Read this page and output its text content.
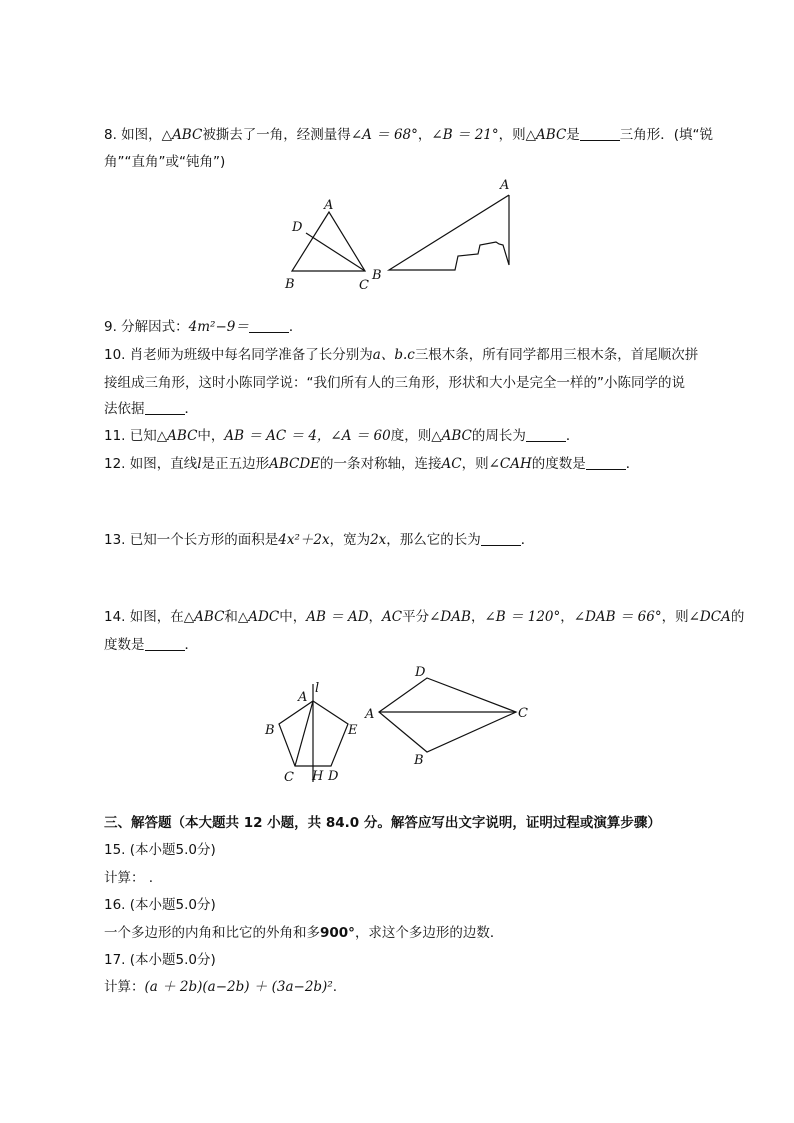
8. 如图，△ABC被撕去了一角，经测量得∠A ＝ 68°，∠B ＝ 21°，则△ABC是	三角形．(填“锐
角”“直角”或“钝角”)
A
D
B	C
A
B
9. 分解因式：4m²−9＝	．
10. 肖老师为班级中每名同学准备了长分别为a、b.c三根木条，所有同学都用三根木条，首尾顺次拼
接组成三角形，这时小陈同学说：“我们所有人的三角形，形状和大小是完全一样的”小陈同学的说
法依据	．
11. 已知△ABC中，AB ＝ AC ＝ 4，∠A ＝ 60度，则△ABC的周长为	．
12. 如图，直线l是正五边形ABCDE的一条对称轴，连接AC，则∠CAH的度数是	．
13. 已知一个长方形的面积是4x²＋2x，宽为2x，那么它的长为	．
14. 如图，在△ABC和△ADC中，AB ＝ AD，AC平分∠DAB，∠B ＝ 120°，∠DAB ＝ 66°，则∠DCA的
度数是	．
A
l
B	E
C H D
A
D
C
B
三、解答题（本大题共 12 小题，共 84.0 分。解答应写出文字说明，证明过程或演算步骤）
15. (本小题5.0分)
计算： .
16. (本小题5.0分)
一个多边形的内角和比它的外角和多900°，求这个多边形的边数．
17. (本小题5.0分)
计算：(a ＋ 2b)(a−2b) ＋ (3a−2b)².
